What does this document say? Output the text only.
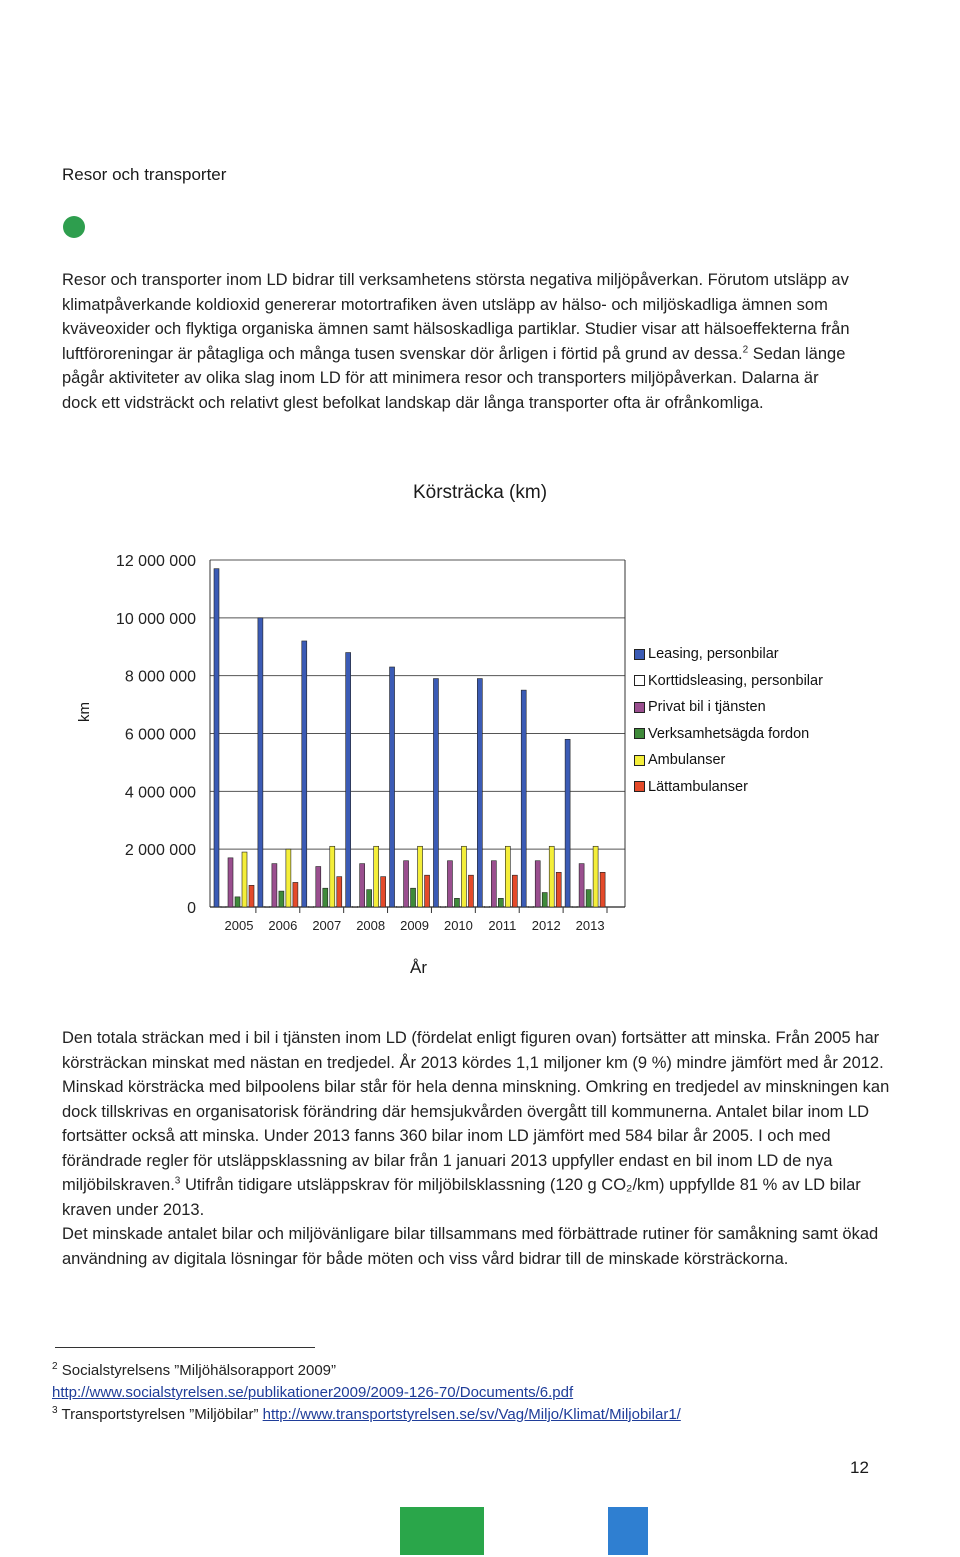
Resor och transporter
Resor och transporter inom LD bidrar till verksamhetens största negativa miljöpåverkan. Förutom utsläpp av klimatpåverkande koldioxid genererar motortrafiken även utsläpp av hälso- och miljöskadliga ämnen som kväveoxider och flyktiga organiska ämnen samt hälsoskadliga partiklar. Studier visar att hälsoeffekterna från luftföroreningar är påtagliga och många tusen svenskar dör årligen i förtid på grund av dessa.$^2$ Sedan länge pågår aktiviteter av olika slag inom LD för att minimera resor och transporters miljöpåverkan. Dalarna är dock ett vidsträckt och relativt glest befolkat landskap där långa transporter ofta är ofrånkomliga.
Körsträcka (km)
0
2 000 000
4 000 000
6 000 000
8 000 000
10 000 000
12 000 000
2005 2006 2007 2008 2009 2010 2011 2012 2013
km
År
Leasing, personbilar
Korttidsleasing, personbilar
Privat bil i tjänsten
Verksamhetsägda fordon
Ambulanser
Lättambulanser

Den totala sträckan med i bil i tjänsten inom LD (fördelat enligt figuren ovan) fortsätter att minska. Från 2005 har körsträckan minskat med nästan en tredjedel. År 2013 kördes 1,1 miljoner km (9 %) mindre jämfört med år 2012. Minskad körsträcka med bilpoolens bilar står för hela denna minskning. Omkring en tredjedel av minskningen kan dock tillskrivas en organisatorisk förändring där hemsjukvården övergått till kommunerna. Antalet bilar inom LD fortsätter också att minska. Under 2013 fanns 360 bilar inom LD jämfört med 584 bilar år 2005. I och med förändrade regler för utsläppsklassning av bilar från 1 januari 2013 uppfyller endast en bil inom LD de nya miljöbilskraven.$^3$ Utifrån tidigare utsläppskrav för miljöbilsklassning (120 g CO₂/km) uppfyllde 81 % av LD bilar kraven under 2013.

Det minskade antalet bilar och miljövänligare bilar tillsammans med förbättrade rutiner för samåkning samt ökad användning av digitala lösningar för både möten och viss vård bidrar till de minskade körsträckorna.

$^2$ Socialstyrelsens ”Miljöhälsorapport 2009”
http://www.socialstyrelsen.se/publikationer2009/2009-126-70/Documents/6.pdf
$^3$ Transportstyrelsen ”Miljöbilar” http://www.transportstyrelsen.se/sv/Vag/Miljo/Klimat/Miljobilar1/
12
